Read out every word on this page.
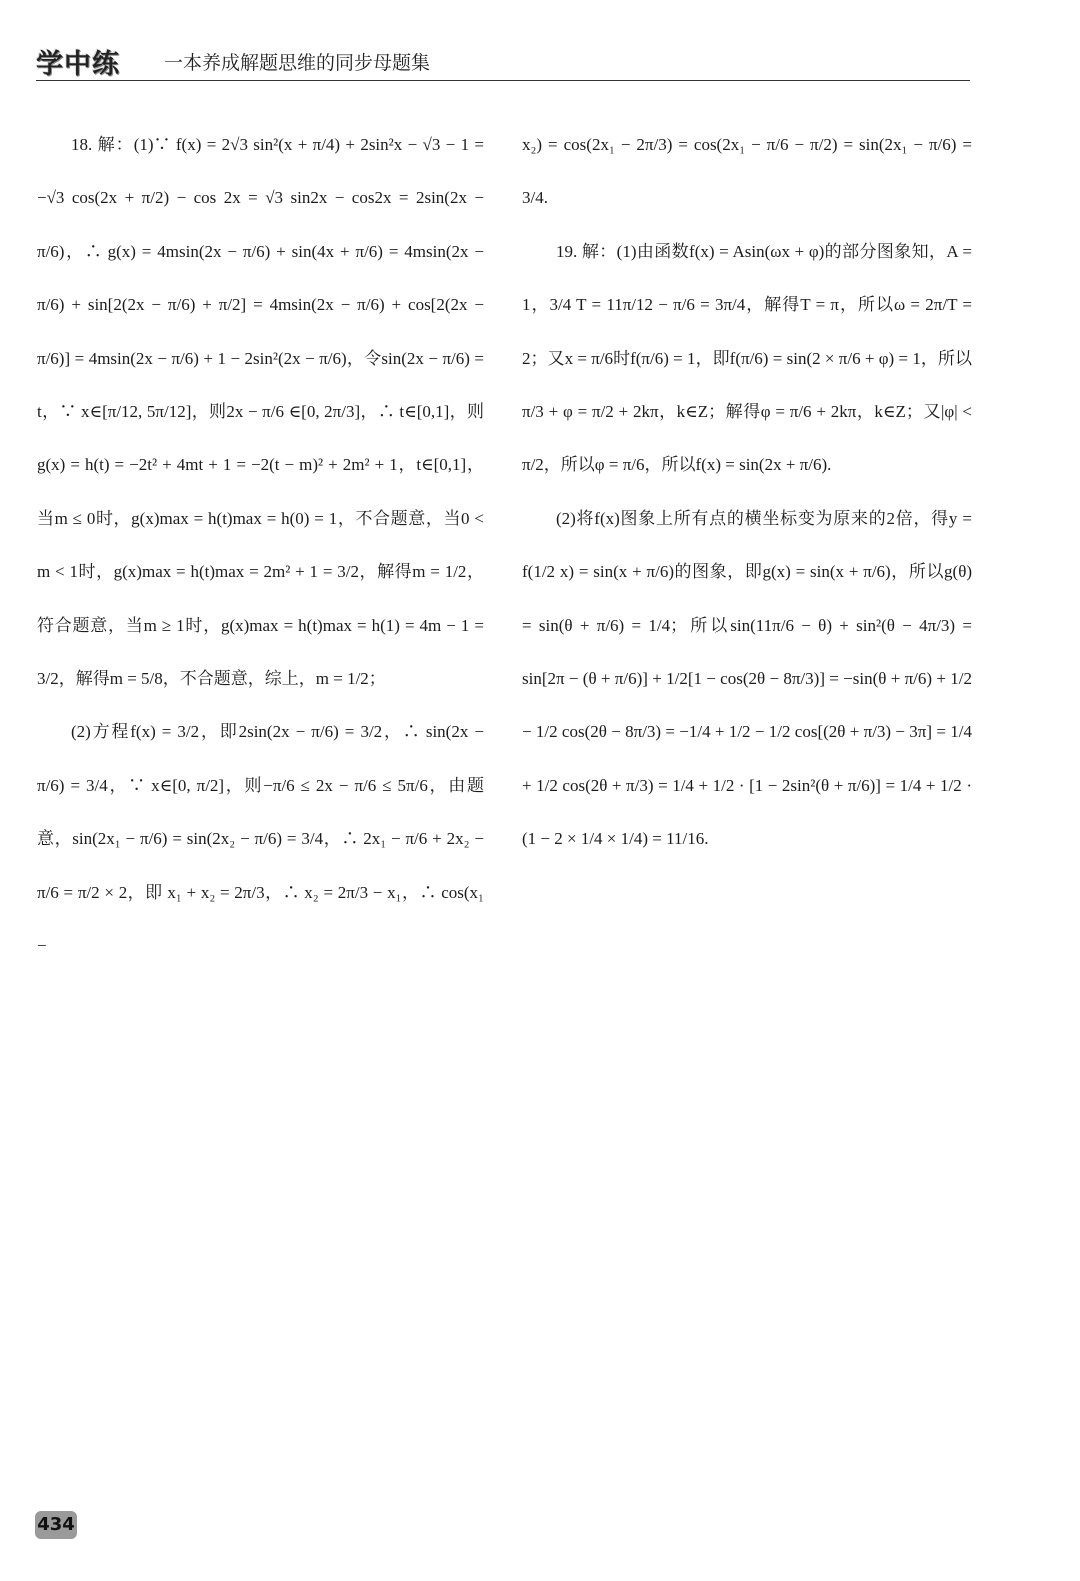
学中练 一本养成解题思维的同步母题集

18. 解：(1)∵ f(x) = 2√3 sin²(x + π/4) + 2sin²x − √3 − 1 = −√3 cos(2x + π/2) − cos 2x = √3 sin2x − cos2x = 2sin(2x − π/6)，∴ g(x) = 4msin(2x − π/6) + sin(4x + π/6) = 4msin(2x − π/6) + sin[2(2x − π/6) + π/2] = 4msin(2x − π/6) + cos[2(2x − π/6)] = 4msin(2x − π/6) + 1 − 2sin²(2x − π/6)，令sin(2x − π/6) = t，∵ x∈[π/12, 5π/12]，则2x − π/6 ∈[0, 2π/3]，∴ t∈[0,1]，则g(x) = h(t) = −2t² + 4mt + 1 = −2(t − m)² + 2m² + 1，t∈[0,1]，当m ≤ 0时，g(x)max = h(t)max = h(0) = 1，不合题意，当0 < m < 1时，g(x)max = h(t)max = 2m² + 1 = 3/2，解得m = 1/2，符合题意，当m ≥ 1时，g(x)max = h(t)max = h(1) = 4m − 1 = 3/2，解得m = 5/8，不合题意，综上，m = 1/2；

(2)方程f(x) = 3/2，即2sin(2x − π/6) = 3/2，∴ sin(2x − π/6) = 3/4，∵ x∈[0, π/2]，则−π/6 ≤ 2x − π/6 ≤ 5π/6，由题意，sin(2x₁ − π/6) = sin(2x₂ − π/6) = 3/4，∴ 2x₁ − π/6 + 2x₂ − π/6 = π/2 × 2，即 x₁ + x₂ = 2π/3，∴ x₂ = 2π/3 − x₁，∴ cos(x₁ −

x₂) = cos(2x₁ − 2π/3) = cos(2x₁ − π/6 − π/2) = sin(2x₁ − π/6) = 3/4.

19. 解：(1)由函数f(x) = Asin(ωx + φ)的部分图象知，A = 1，3/4 T = 11π/12 − π/6 = 3π/4，解得T = π，所以ω = 2π/T = 2；又x = π/6时f(π/6) = 1，即f(π/6) = sin(2 × π/6 + φ) = 1，所以π/3 + φ = π/2 + 2kπ，k∈Z；解得φ = π/6 + 2kπ，k∈Z；又|φ| < π/2，所以φ = π/6，所以f(x) = sin(2x + π/6).

(2)将f(x)图象上所有点的横坐标变为原来的2倍，得y = f(1/2 x) = sin(x + π/6)的图象，即g(x) = sin(x + π/6)，所以g(θ) = sin(θ + π/6) = 1/4；所以sin(11π/6 − θ) + sin²(θ − 4π/3) = sin[2π − (θ + π/6)] + 1/2[1 − cos(2θ − 8π/3)] = −sin(θ + π/6) + 1/2 − 1/2 cos(2θ − 8π/3) = −1/4 + 1/2 − 1/2 cos[(2θ + π/3) − 3π] = 1/4 + 1/2 cos(2θ + π/3) = 1/4 + 1/2 · [1 − 2sin²(θ + π/6)] = 1/4 + 1/2 · (1 − 2 × 1/4 × 1/4) = 11/16.

434
